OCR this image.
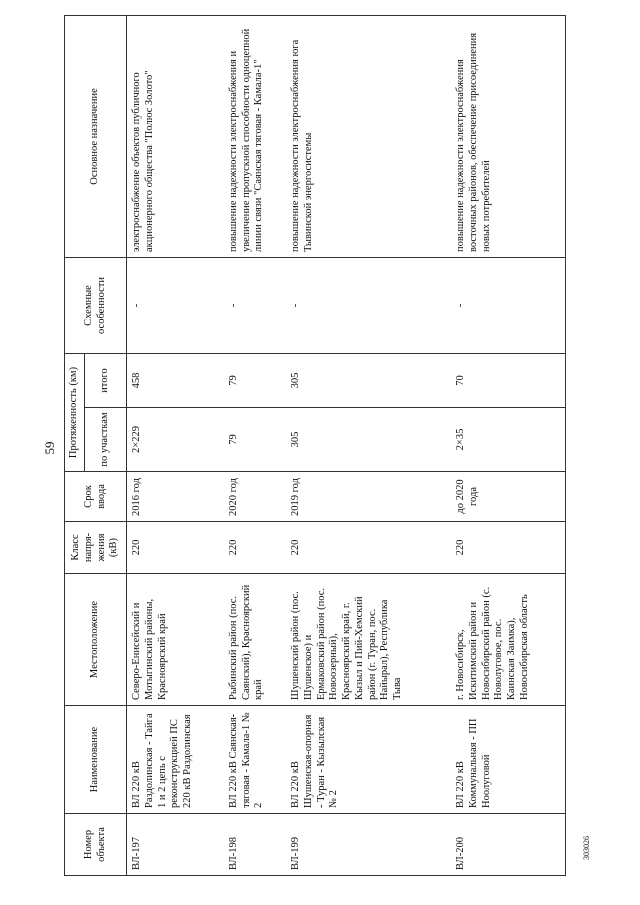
59
303026
Номер объекта	Наименование	Местоположение	Класс напря-жения (кВ)	Срок ввода	Протяженность (км)		Схемные особенности	Основное назначение
					по участкам	итого		
ВЛ-197	ВЛ 220 кВ Раздолинская - Тайга 1 и 2 цепь с реконструкцией ПС 220 кВ Раздолинская	Северо-Енисейский и Мотыгинский районы, Красноярский край	220	2016 год	2×229	458	-	электроснабжение объектов публичного акционерного общества "Полюс Золото"
ВЛ-198	ВЛ 220 кВ Саянская-тяговая - Камала-1 № 2	Рыбинский район (пос. Саянский), Красноярский край	220	2020 год	79	79	-	повышение надежности электроснабжения и увеличение пропускной способности одноцепной линии связи "Саянская тяговая - Камала-1"
ВЛ-199	ВЛ 220 кВ Шушенская-опорная - Туран - Кызылская № 2	Шушенский район (пос. Шушенское) и Ермаковский район (пос. Новоозерный), Красноярский край, г. Кызыл и Пий-Хемский район (г. Туран, пос. Найырал), Республика Тыва	220	2019 год	305	305	-	повышение надежности электроснабжения юга Тывинской энергосистемы
ВЛ-200	ВЛ 220 кВ Коммунальная - ПП Ноолуговой	г. Новосибирск, Искитимский район и Новосибирский район (с. Новолуговое, пос. Каинская Заимка), Новосибирская область	220	до 2020 года	2×35	70	-	повышение надежности электроснабжения восточных районов, обеспечение присоединения новых потребителей
